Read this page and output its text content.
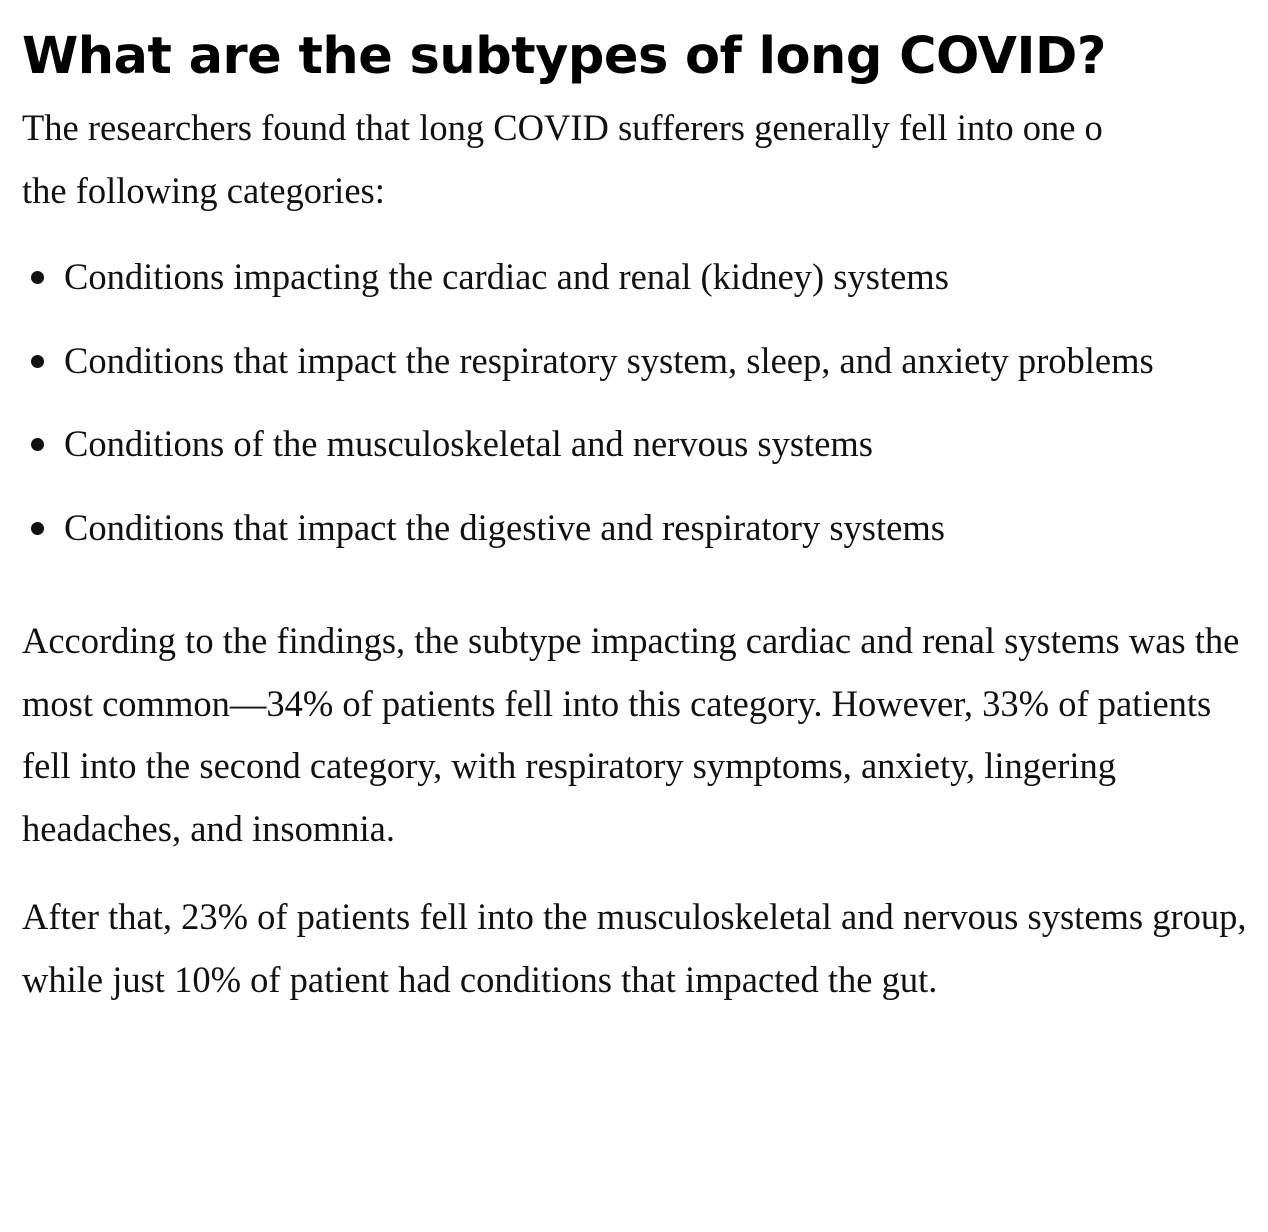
What are the subtypes of long COVID?

The researchers found that long COVID sufferers generally fell into one o
the following categories:

Conditions impacting the cardiac and renal (kidney) systems
Conditions that impact the respiratory system, sleep, and anxiety problems
Conditions of the musculoskeletal and nervous systems
Conditions that impact the digestive and respiratory systems

According to the findings, the subtype impacting cardiac and renal systems was the most common—34% of patients fell into this category. However, 33% of patients fell into the second category, with respiratory symptoms, anxiety, lingering headaches, and insomnia.

After that, 23% of patients fell into the musculoskeletal and nervous systems group, while just 10% of patient had conditions that impacted the gut.
